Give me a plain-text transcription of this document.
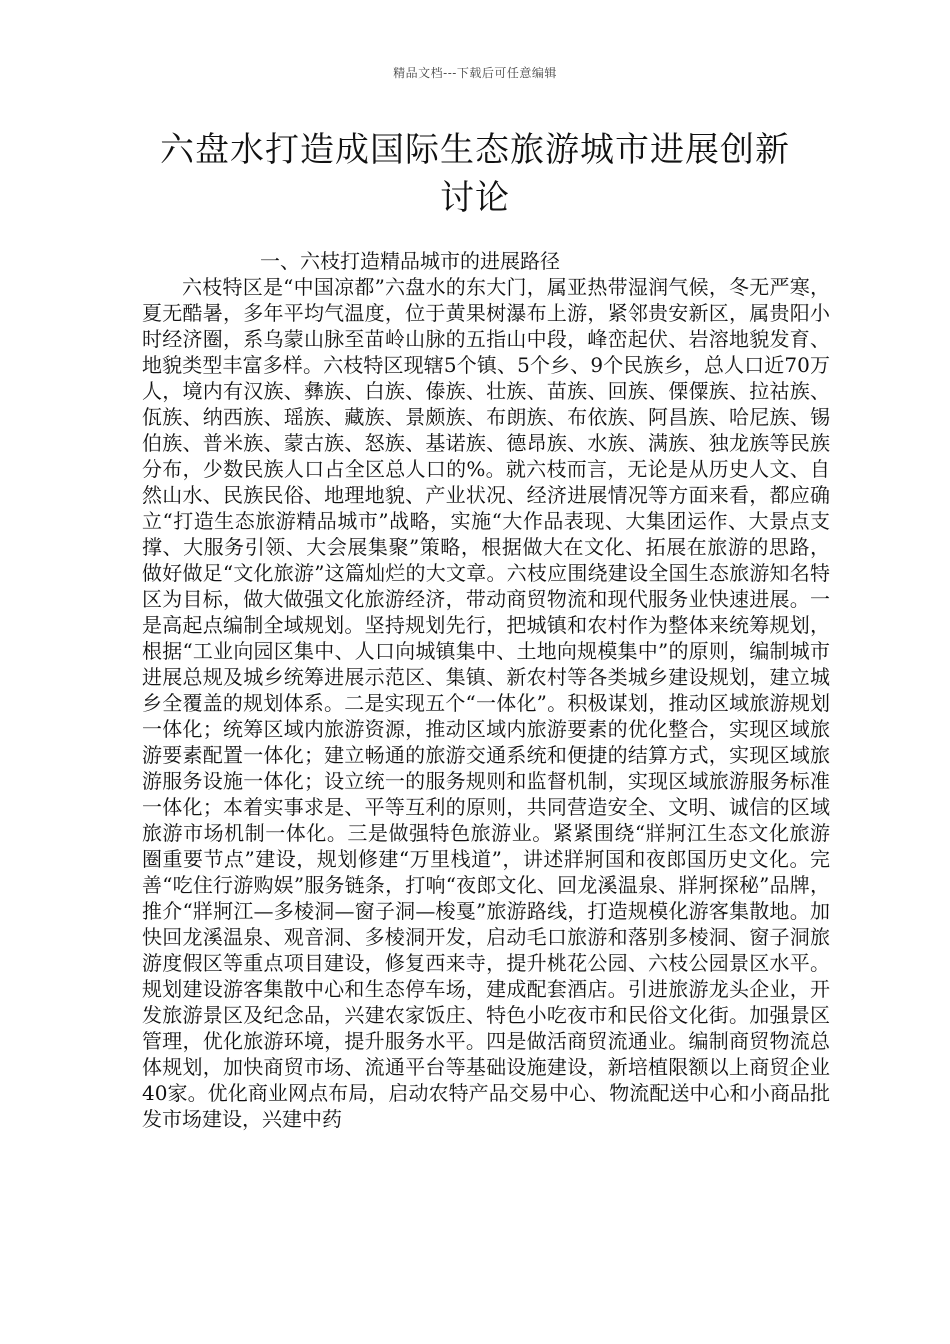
精品文档---下载后可任意编辑
六盘水打造成国际生态旅游城市进展创新讨论
一、六枝打造精品城市的进展路径

六枝特区是“中国凉都”六盘水的东大门，属亚热带湿润气候，冬无严寒，夏无酷暑，多年平均气温度，位于黄果树瀑布上游，紧邻贵安新区，属贵阳小时经济圈，系乌蒙山脉至苗岭山脉的五指山中段，峰峦起伏、岩溶地貌发育、地貌类型丰富多样。六枝特区现辖5个镇、5个乡、9个民族乡，总人口近70万人，境内有汉族、彝族、白族、傣族、壮族、苗族、回族、傈僳族、拉祜族、佤族、纳西族、瑶族、藏族、景颇族、布朗族、布依族、阿昌族、哈尼族、锡伯族、普米族、蒙古族、怒族、基诺族、德昂族、水族、满族、独龙族等民族分布，少数民族人口占全区总人口的%。就六枝而言，无论是从历史人文、自然山水、民族民俗、地理地貌、产业状况、经济进展情况等方面来看，都应确立“打造生态旅游精品城市”战略，实施“大作品表现、大集团运作、大景点支撑、大服务引领、大会展集聚”策略，根据做大在文化、拓展在旅游的思路，做好做足“文化旅游”这篇灿烂的大文章。六枝应围绕建设全国生态旅游知名特区为目标，做大做强文化旅游经济，带动商贸物流和现代服务业快速进展。一是高起点编制全域规划。坚持规划先行，把城镇和农村作为整体来统筹规划，根据“工业向园区集中、人口向城镇集中、土地向规模集中”的原则，编制城市进展总规及城乡统筹进展示范区、集镇、新农村等各类城乡建设规划，建立城乡全覆盖的规划体系。二是实现五个“一体化”。积极谋划，推动区域旅游规划一体化；统筹区域内旅游资源，推动区域内旅游要素的优化整合，实现区域旅游要素配置一体化；建立畅通的旅游交通系统和便捷的结算方式，实现区域旅游服务设施一体化；设立统一的服务规则和监督机制，实现区域旅游服务标准一体化；本着实事求是、平等互利的原则，共同营造安全、文明、诚信的区域旅游市场机制一体化。三是做强特色旅游业。紧紧围绕“牂牁江生态文化旅游圈重要节点”建设，规划修建“万里栈道”，讲述牂牁国和夜郎国历史文化。完善“吃住行游购娱”服务链条，打响“夜郎文化、回龙溪温泉、牂牁探秘”品牌，推介“牂牁江—多棱洞—窗子洞—梭戛”旅游路线，打造规模化游客集散地。加快回龙溪温泉、观音洞、多棱洞开发，启动毛口旅游和落别多棱洞、窗子洞旅游度假区等重点项目建设，修复西来寺，提升桃花公园、六枝公园景区水平。规划建设游客集散中心和生态停车场，建成配套酒店。引进旅游龙头企业，开发旅游景区及纪念品，兴建农家饭庄、特色小吃夜市和民俗文化街。加强景区管理，优化旅游环境，提升服务水平。四是做活商贸流通业。编制商贸物流总体规划，加快商贸市场、流通平台等基础设施建设，新培植限额以上商贸企业40家。优化商业网点布局，启动农特产品交易中心、物流配送中心和小商品批发市场建设，兴建中药
